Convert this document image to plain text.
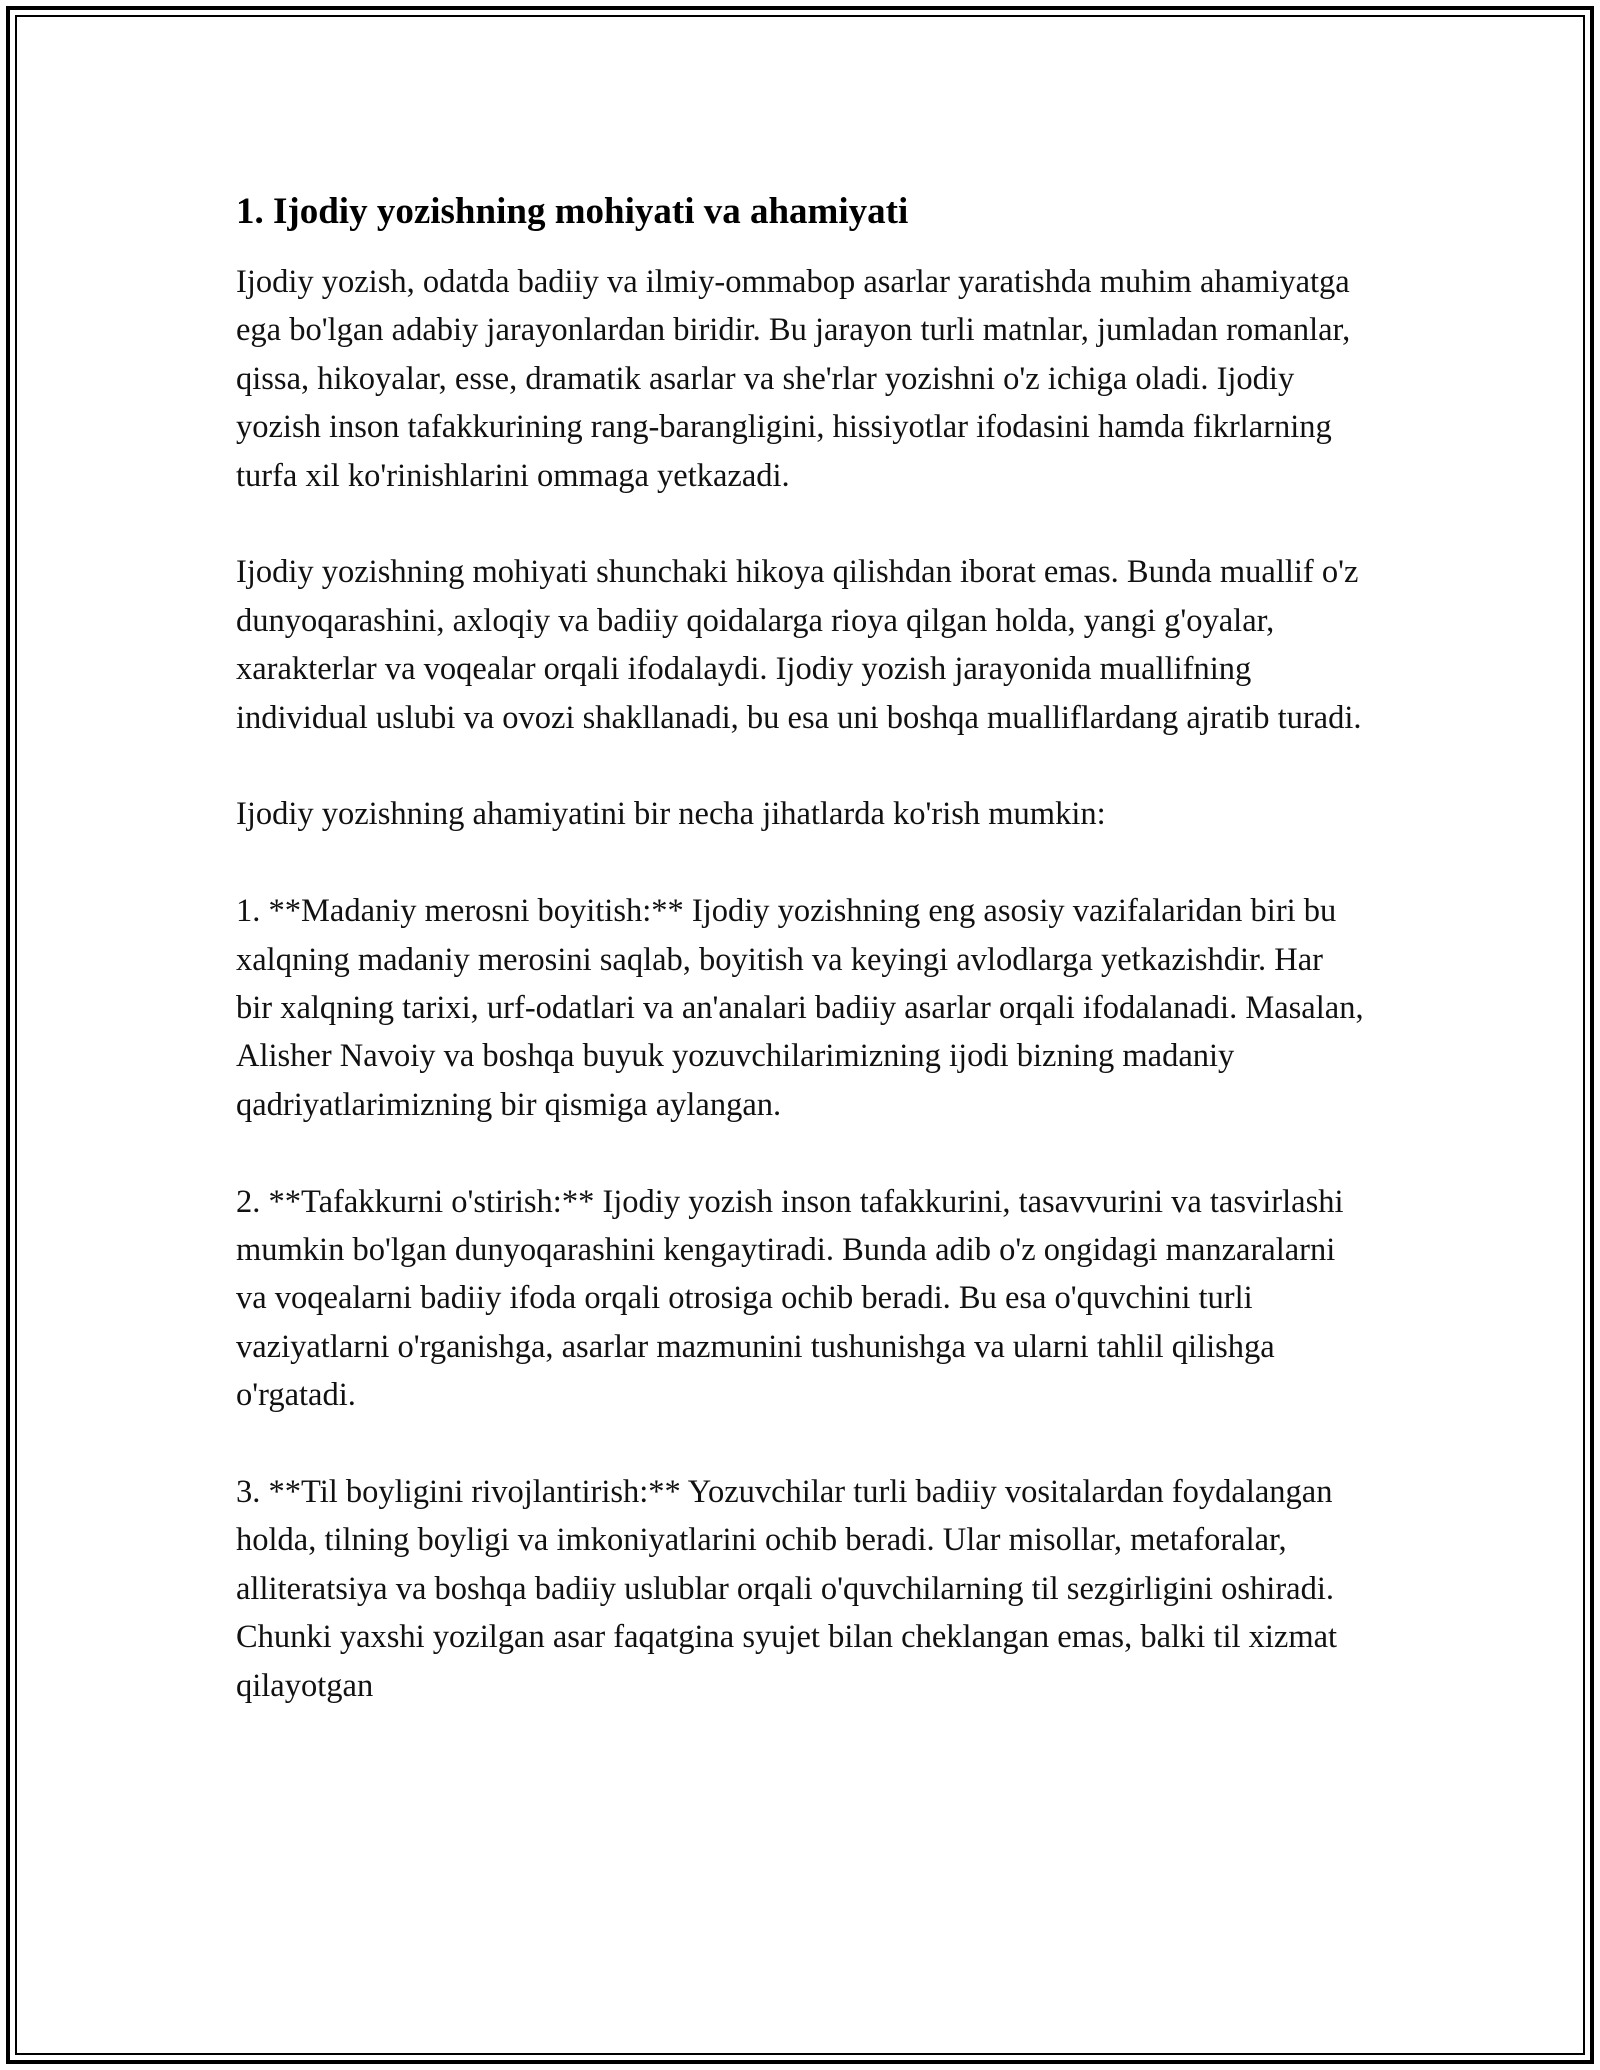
1. Ijodiy yozishning mohiyati va ahamiyati

Ijodiy yozish, odatda badiiy va ilmiy-ommabop asarlar yaratishda muhim ahamiyatga ega bo'lgan adabiy jarayonlardan biridir. Bu jarayon turli matnlar, jumladan romanlar, qissa, hikoyalar, esse, dramatik asarlar va she'rlar yozishni o'z ichiga oladi. Ijodiy yozish inson tafakkurining rang-barangligini, hissiyotlar ifodasini hamda fikrlarning turfa xil ko'rinishlarini ommaga yetkazadi.

Ijodiy yozishning mohiyati shunchaki hikoya qilishdan iborat emas. Bunda muallif o'z dunyoqarashini, axloqiy va badiiy qoidalarga rioya qilgan holda, yangi g'oyalar, xarakterlar va voqealar orqali ifodalaydi. Ijodiy yozish jarayonida muallifning individual uslubi va ovozi shakllanadi, bu esa uni boshqa mualliflardang ajratib turadi.

Ijodiy yozishning ahamiyatini bir necha jihatlarda ko'rish mumkin:

1. **Madaniy merosni boyitish:** Ijodiy yozishning eng asosiy vazifalaridan biri bu xalqning madaniy merosini saqlab, boyitish va keyingi avlodlarga yetkazishdir. Har bir xalqning tarixi, urf-odatlari va an'analari badiiy asarlar orqali ifodalanadi. Masalan, Alisher Navoiy va boshqa buyuk yozuvchilarimizning ijodi bizning madaniy qadriyatlarimizning bir qismiga aylangan.

2. **Tafakkurni o'stirish:** Ijodiy yozish inson tafakkurini, tasavvurini va tasvirlashi mumkin bo'lgan dunyoqarashini kengaytiradi. Bunda adib o'z ongidagi manzaralarni va voqealarni badiiy ifoda orqali otrosiga ochib beradi. Bu esa o'quvchini turli vaziyatlarni o'rganishga, asarlar mazmunini tushunishga va ularni tahlil qilishga o'rgatadi.

3. **Til boyligini rivojlantirish:** Yozuvchilar turli badiiy vositalardan foydalangan holda, tilning boyligi va imkoniyatlarini ochib beradi. Ular misollar, metaforalar, alliteratsiya va boshqa badiiy uslublar orqali o'quvchilarning til sezgirligini oshiradi. Chunki yaxshi yozilgan asar faqatgina syujet bilan cheklangan emas, balki til xizmat qilayotgan
